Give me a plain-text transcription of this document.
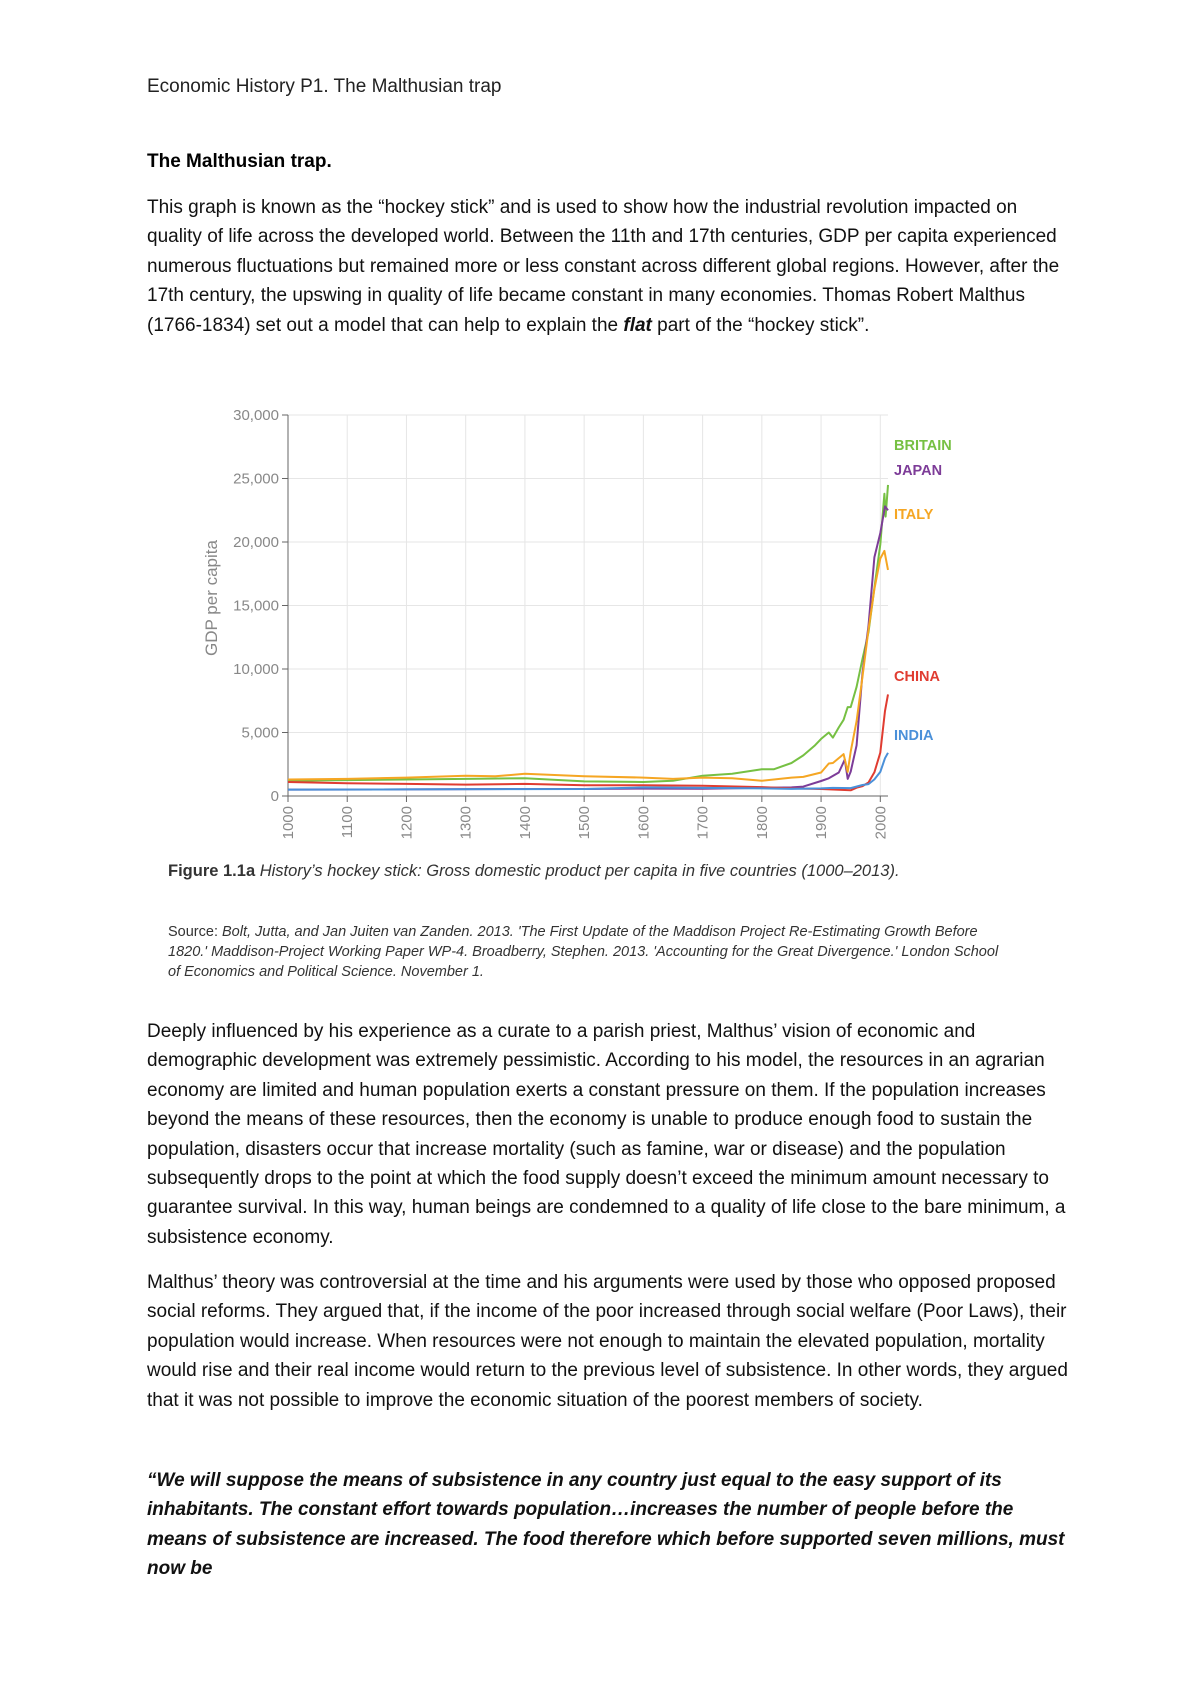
Economic History P1. The Malthusian trap
The Malthusian trap.

This graph is known as the “hockey stick” and is used to show how the industrial revolution impacted on quality of life across the developed world. Between the 11th and 17th centuries, GDP per capita experienced numerous fluctuations but remained more or less constant across different global regions. However, after the 17th century, the upswing in quality of life became constant in many economies. Thomas Robert Malthus (1766-1834) set out a model that can help to explain the flat part of the “hockey stick”.

0
5,000
10,000
15,000
20,000
25,000
30,000
1000	1100	1200	1300	1400	1500	1600	1700	1800	1900	2000
BRITAIN
JAPAN
ITALY
CHINA
INDIA
GDP per capita
Figure 1.1a History’s hockey stick: Gross domestic product per capita in five countries (1000–2013).
Source: Bolt, Jutta, and Jan Juiten van Zanden. 2013. 'The First Update of the Maddison Project Re-Estimating Growth Before 1820.' Maddison-Project Working Paper WP-4. Broadberry, Stephen. 2013. 'Accounting for the Great Divergence.' London School of Economics and Political Science. November 1.

Deeply influenced by his experience as a curate to a parish priest, Malthus’ vision of economic and demographic development was extremely pessimistic. According to his model, the resources in an agrarian economy are limited and human population exerts a constant pressure on them. If the population increases beyond the means of these resources, then the economy is unable to produce enough food to sustain the population, disasters occur that increase mortality (such as famine, war or disease) and the population subsequently drops to the point at which the food supply doesn’t exceed the minimum amount necessary to guarantee survival. In this way, human beings are condemned to a quality of life close to the bare minimum, a subsistence economy.

Malthus’ theory was controversial at the time and his arguments were used by those who opposed proposed social reforms. They argued that, if the income of the poor increased through social welfare (Poor Laws), their population would increase. When resources were not enough to maintain the elevated population, mortality would rise and their real income would return to the previous level of subsistence. In other words, they argued that it was not possible to improve the economic situation of the poorest members of society.

“We will suppose the means of subsistence in any country just equal to the easy support of its inhabitants. The constant effort towards population…increases the number of people before the means of subsistence are increased. The food therefore which before supported seven millions, must now be
